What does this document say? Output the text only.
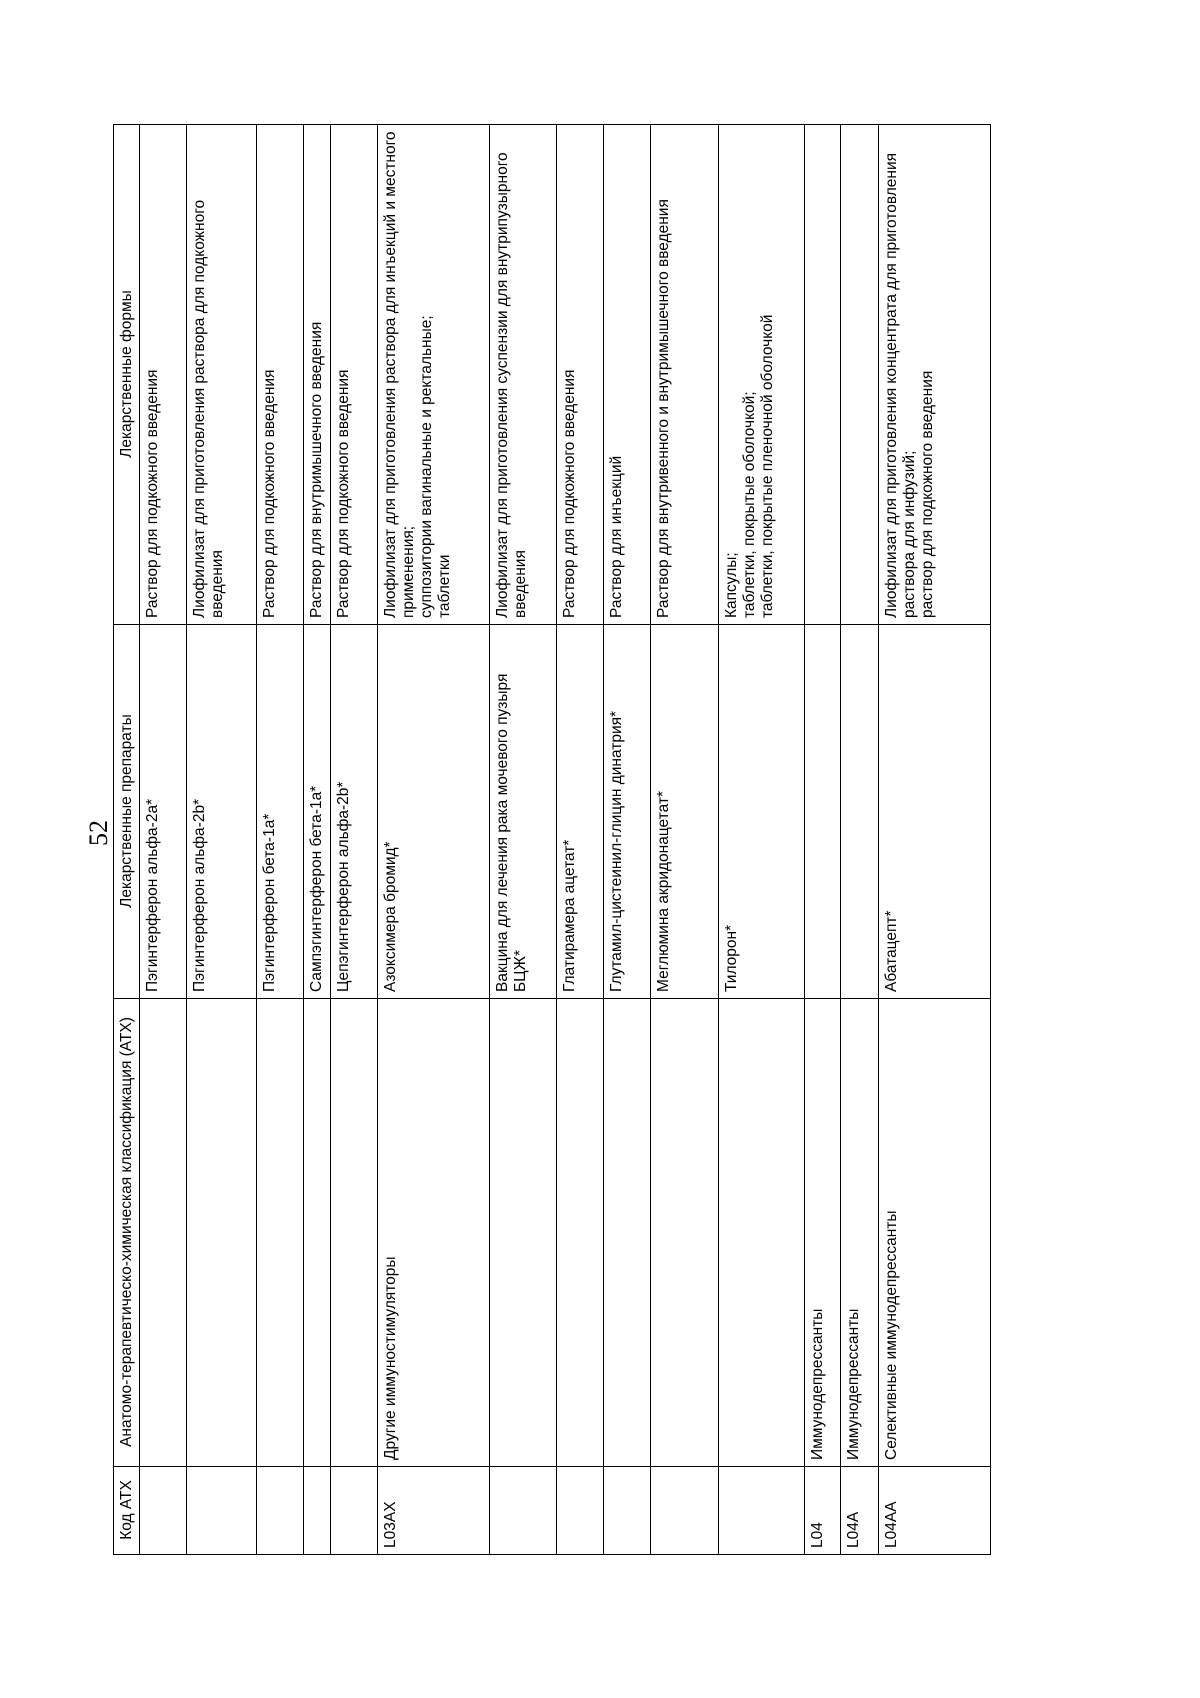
52
Код АТХ	Анатомо-терапевтическо-химическая классификация (АТХ)	Лекарственные препараты	Лекарственные формы
		Пэгинтерферон альфа-2а*	Раствор для подкожного введения

		Пэгинтерферон альфа-2b*	Лиофилизат для приготовления раствора для подкожного введения

		Пэгинтерферон бета-1а*	Раствор для подкожного введения

		Сампэгинтерферон бета-1а*	Раствор для внутримышечного введения

		Цепэгинтерферон альфа-2b*	Раствор для подкожного введения

L03AX	Другие иммуностимуляторы	Азоксимера бромид*	Лиофилизат для приготовления раствора для инъекций и местного применения; суппозитории вагинальные и ректальные; таблетки

		Вакцина для лечения рака мочевого пузыря БЦЖ*	Лиофилизат для приготовления суспензии для внутрипузырного введения

		Глатирамера ацетат*	Раствор для подкожного введения

		Глутамил-цистеинил-глицин динатрия*	Раствор для инъекций

		Меглюмина акридонацетат*	Раствор для внутривенного и внутримышечного введения

		Тилорон*	Капсулы; таблетки, покрытые оболочкой; таблетки, покрытые пленочной оболочкой

L04	Иммунодепрессанты		
L04A	Иммунодепрессанты		
L04AA	Селективные иммунодепрессанты	Абатацепт*	Лиофилизат для приготовления концентрата для приготовления раствора для инфузий; раствор для подкожного введения
